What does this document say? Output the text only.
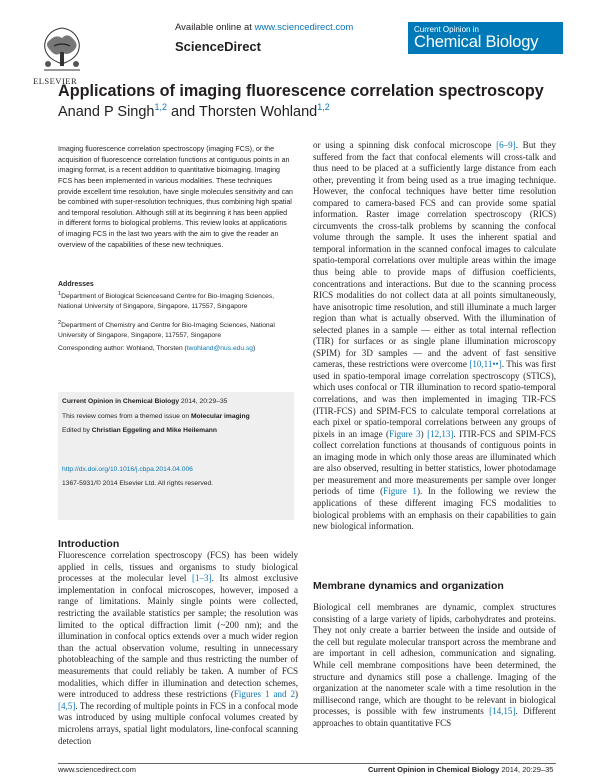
ELSEVIER
Available online at www.sciencedirect.com
ScienceDirect
Current Opinion in
Chemical Biology
Applications of imaging fluorescence correlation spectroscopy
Anand P Singh$^{1,2}$ and Thorsten Wohland$^{1,2}$

Imaging fluorescence correlation spectroscopy (imaging FCS), or the acquisition of fluorescence correlation functions at contiguous points in an imaging format, is a recent addition to quantitative bioimaging. Imaging FCS has been implemented in various modalities. These techniques provide excellent time resolution, have single molecules sensitivity and can be combined with super-resolution techniques, thus combining high spatial and temporal resolution. Although still at its beginning it has been applied in different forms to biological problems. This review looks at applications of imaging FCS in the last two years with the aim to give the reader an overview of the capabilities of these new techniques.

Addresses

$^1$Department of Biological Sciencesand Centre for Bio-Imaging Sciences, National University of Singapore, Singapore, 117557, Singapore

$^2$Department of Chemistry and Centre for Bio-Imaging Sciences, National University of Singapore, Singapore, 117557, Singapore

Corresponding author: Wohland, Thorsten (twohland@nus.edu.sg)
Current Opinion in Chemical Biology 2014, 20:29–35
This review comes from a themed issue on Molecular imaging
Edited by Christian Eggeling and Mike Heilemann
http://dx.doi.org/10.1016/j.cbpa.2014.04.006
1367-5931/© 2014 Elsevier Ltd. All rights reserved.
Introduction

Fluorescence correlation spectroscopy (FCS) has been widely applied in cells, tissues and organisms to study biological processes at the molecular level [1–3]. Its almost exclusive implementation in confocal microscopes, however, imposed a range of limitations. Mainly single points were collected, restricting the available statistics per sample; the resolution was limited to the optical diffraction limit (~200 nm); and the illumination in confocal optics extends over a much wider region than the actual observation volume, resulting in unnecessary photobleaching of the sample and thus restricting the number of measurements that could reliably be taken. A number of FCS modalities, which differ in illumination and detection schemes, were introduced to address these restrictions (Figures 1 and 2) [4,5]. The recording of multiple points in FCS in a confocal mode was introduced by using multiple confocal volumes created by microlens arrays, spatial light modulators, line-confocal scanning detection

or using a spinning disk confocal microscope [6–9]. But they suffered from the fact that confocal elements will cross-talk and thus need to be placed at a sufficiently large distance from each other, preventing it from being used as a true imaging technique. However, the confocal techniques have better time resolution compared to camera-based FCS and can provide some spatial information. Raster image correlation spectroscopy (RICS) circumvents the cross-talk problems by scanning the confocal volume through the sample. It uses the inherent spatial and temporal information in the scanned confocal images to calculate spatio-temporal correlations over multiple areas within the image thus being able to provide maps of diffusion coefficients, concentrations and interactions. But due to the scanning process RICS modalities do not collect data at all points simultaneously, have anisotropic time resolution, and still illuminate a much larger region than what is actually observed. With the illumination of selected planes in a sample — either as total internal reflection (TIR) for surfaces or as single plane illumination microscopy (SPIM) for 3D samples — and the advent of fast sensitive cameras, these restrictions were overcome [10,11••]. This was first used in spatio-temporal image correlation spectroscopy (STICS), which uses confocal or TIR illumination to record spatio-temporal correlations, and was then implemented in imaging TIR-FCS (ITIR-FCS) and SPIM-FCS to calculate temporal correlations at each pixel or spatio-temporal correlations between any groups of pixels in an image (Figure 3) [12,13]. ITIR-FCS and SPIM-FCS collect correlation functions at thousands of contiguous points in an imaging mode in which only those areas are illuminated which are also observed, resulting in better statistics, lower photodamage per measurement and more measurements per sample over longer periods of time (Figure 1). In the following we review the applications of these different imaging FCS modalities to biological problems with an emphasis on their capabilities to gain new biological information.

Membrane dynamics and organization

Biological cell membranes are dynamic, complex structures consisting of a large variety of lipids, carbohydrates and proteins. They not only create a barrier between the inside and outside of the cell but regulate molecular transport across the membrane and are important in cell adhesion, communication and signaling. While cell membrane compositions have been determined, the structure and dynamics still pose a challenge. Imaging of the organization at the nanometer scale with a time resolution in the millisecond range, which are thought to be relevant in biological processes, is possible with few instruments [14,15]. Different approaches to obtain quantitative FCS

www.sciencedirect.com	Current Opinion in Chemical Biology 2014, 20:29–35
